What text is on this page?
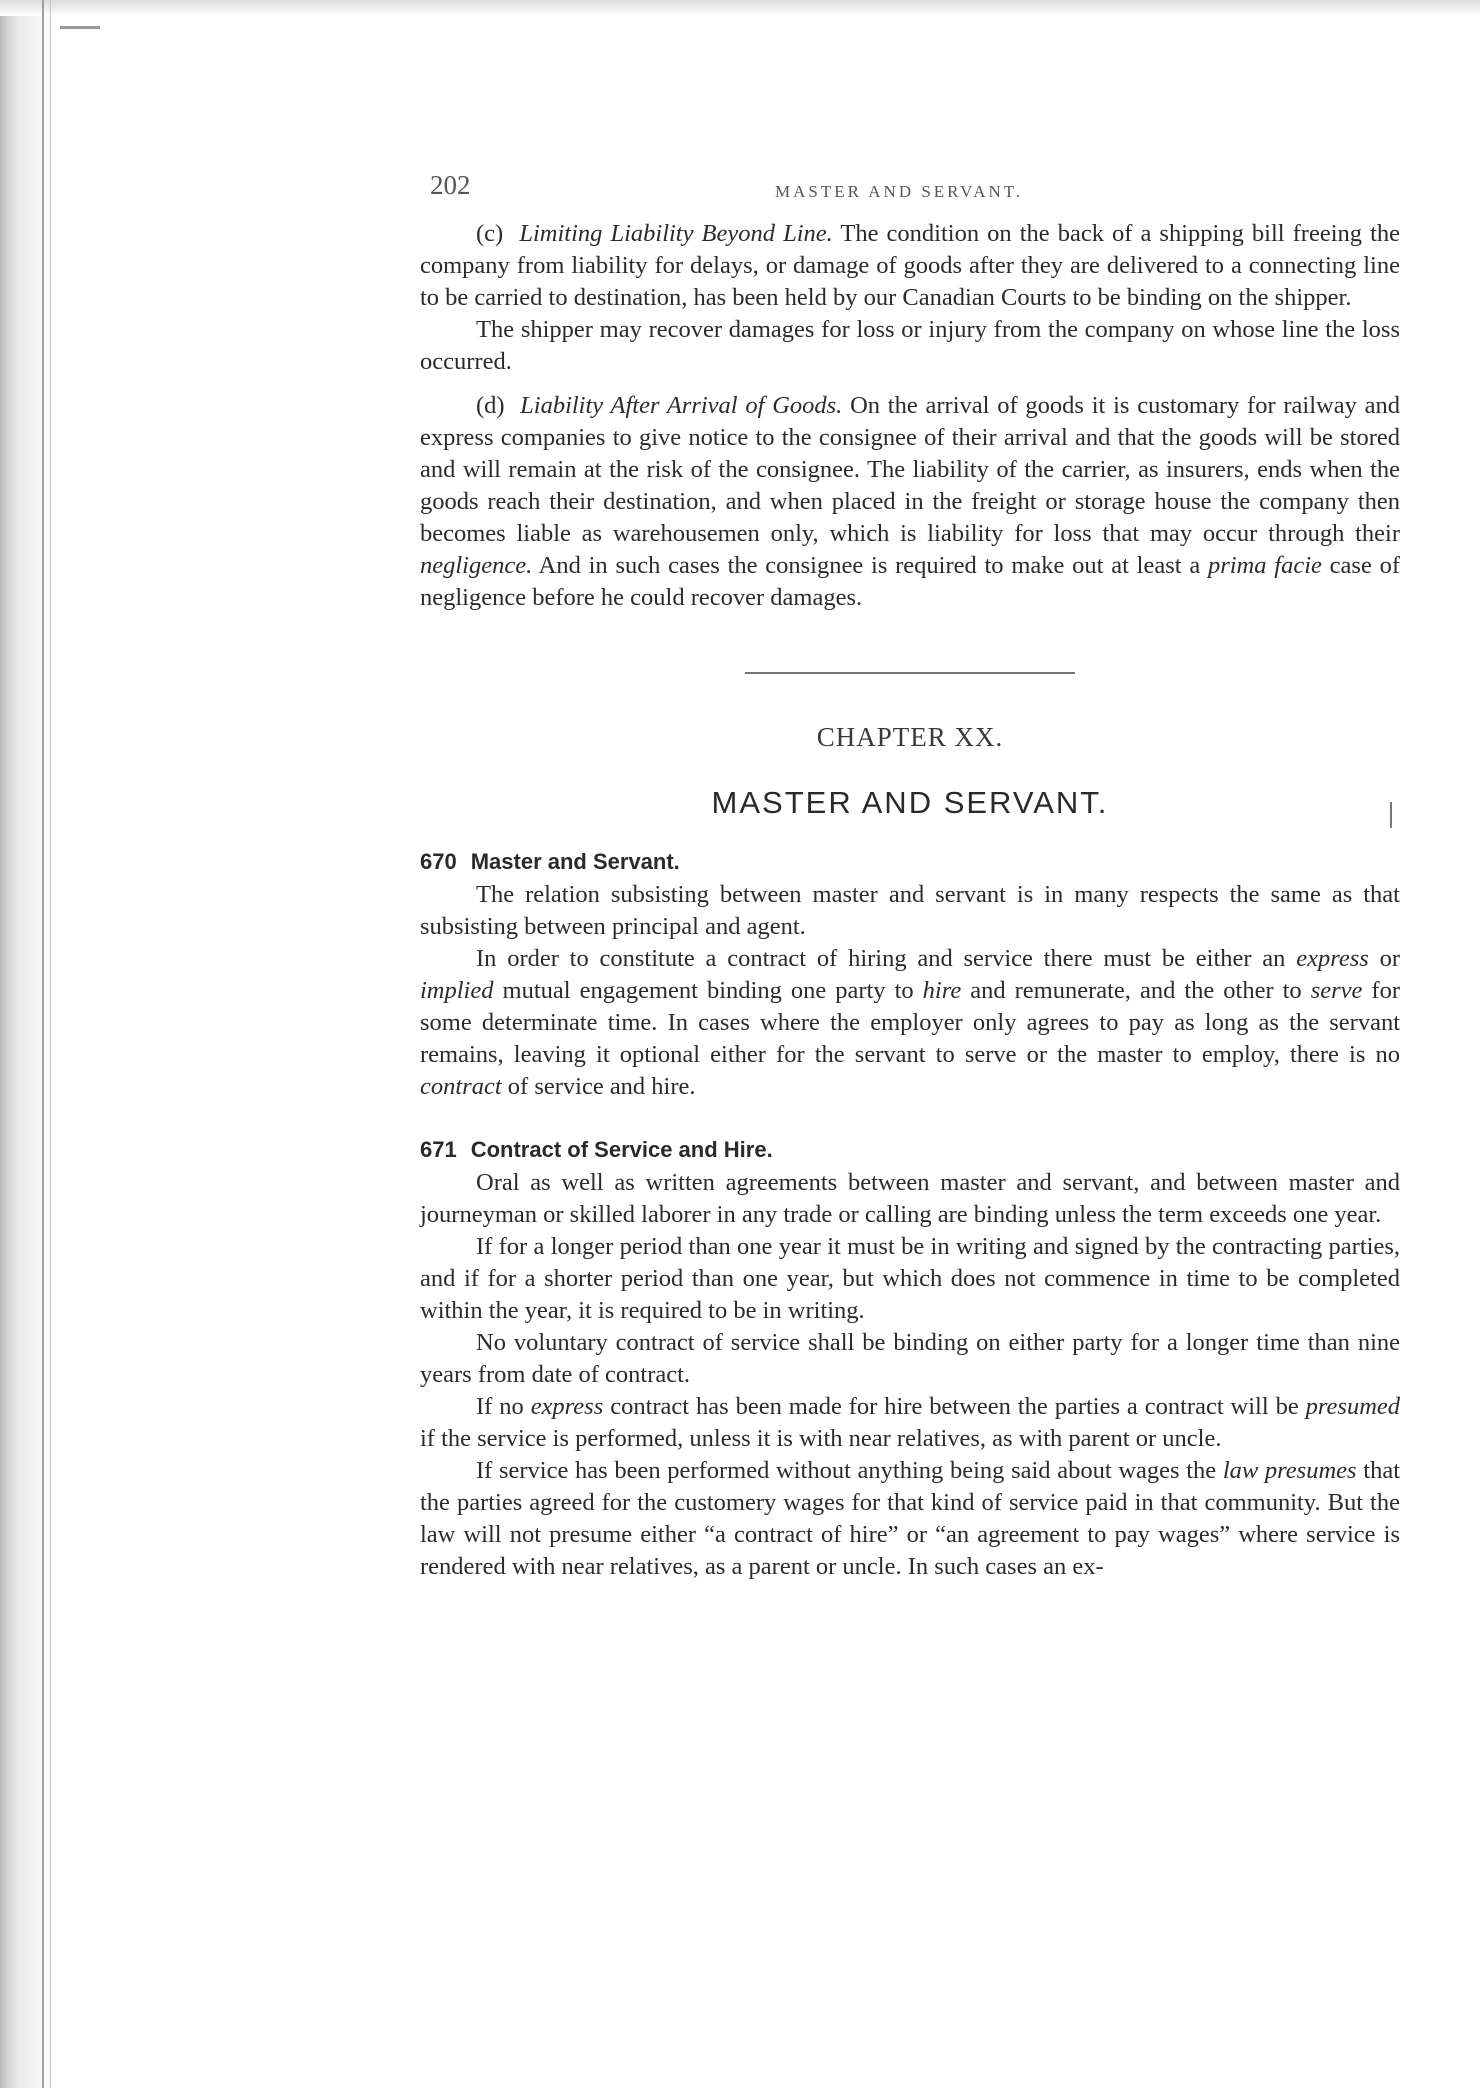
202	MASTER AND SERVANT.

(c) Limiting Liability Beyond Line. The condition on the back of a shipping bill freeing the company from liability for delays, or damage of goods after they are delivered to a connecting line to be carried to destination, has been held by our Canadian Courts to be binding on the shipper.

The shipper may recover damages for loss or injury from the company on whose line the loss occurred.

(d) Liability After Arrival of Goods. On the arrival of goods it is customary for railway and express companies to give notice to the consignee of their arrival and that the goods will be stored and will remain at the risk of the consignee. The liability of the carrier, as insurers, ends when the goods reach their destination, and when placed in the freight or storage house the company then becomes liable as warehousemen only, which is liability for loss that may occur through their negligence. And in such cases the consignee is required to make out at least a prima facie case of negligence before he could recover damages.

CHAPTER XX.
MASTER AND SERVANT.
670 Master and Servant.

The relation subsisting between master and servant is in many respects the same as that subsisting between principal and agent.

In order to constitute a contract of hiring and service there must be either an express or implied mutual engagement binding one party to hire and remunerate, and the other to serve for some determinate time. In cases where the employer only agrees to pay as long as the servant remains, leaving it optional either for the servant to serve or the master to employ, there is no contract of service and hire.

671 Contract of Service and Hire.

Oral as well as written agreements between master and servant, and between master and journeyman or skilled laborer in any trade or calling are binding unless the term exceeds one year.

If for a longer period than one year it must be in writing and signed by the contracting parties, and if for a shorter period than one year, but which does not commence in time to be completed within the year, it is required to be in writing.

No voluntary contract of service shall be binding on either party for a longer time than nine years from date of contract.

If no express contract has been made for hire between the parties a contract will be presumed if the service is performed, unless it is with near relatives, as with parent or uncle.

If service has been performed without anything being said about wages the law presumes that the parties agreed for the customery wages for that kind of service paid in that community. But the law will not presume either “a contract of hire” or “an agreement to pay wages” where service is rendered with near relatives, as a parent or uncle. In such cases an ex-
